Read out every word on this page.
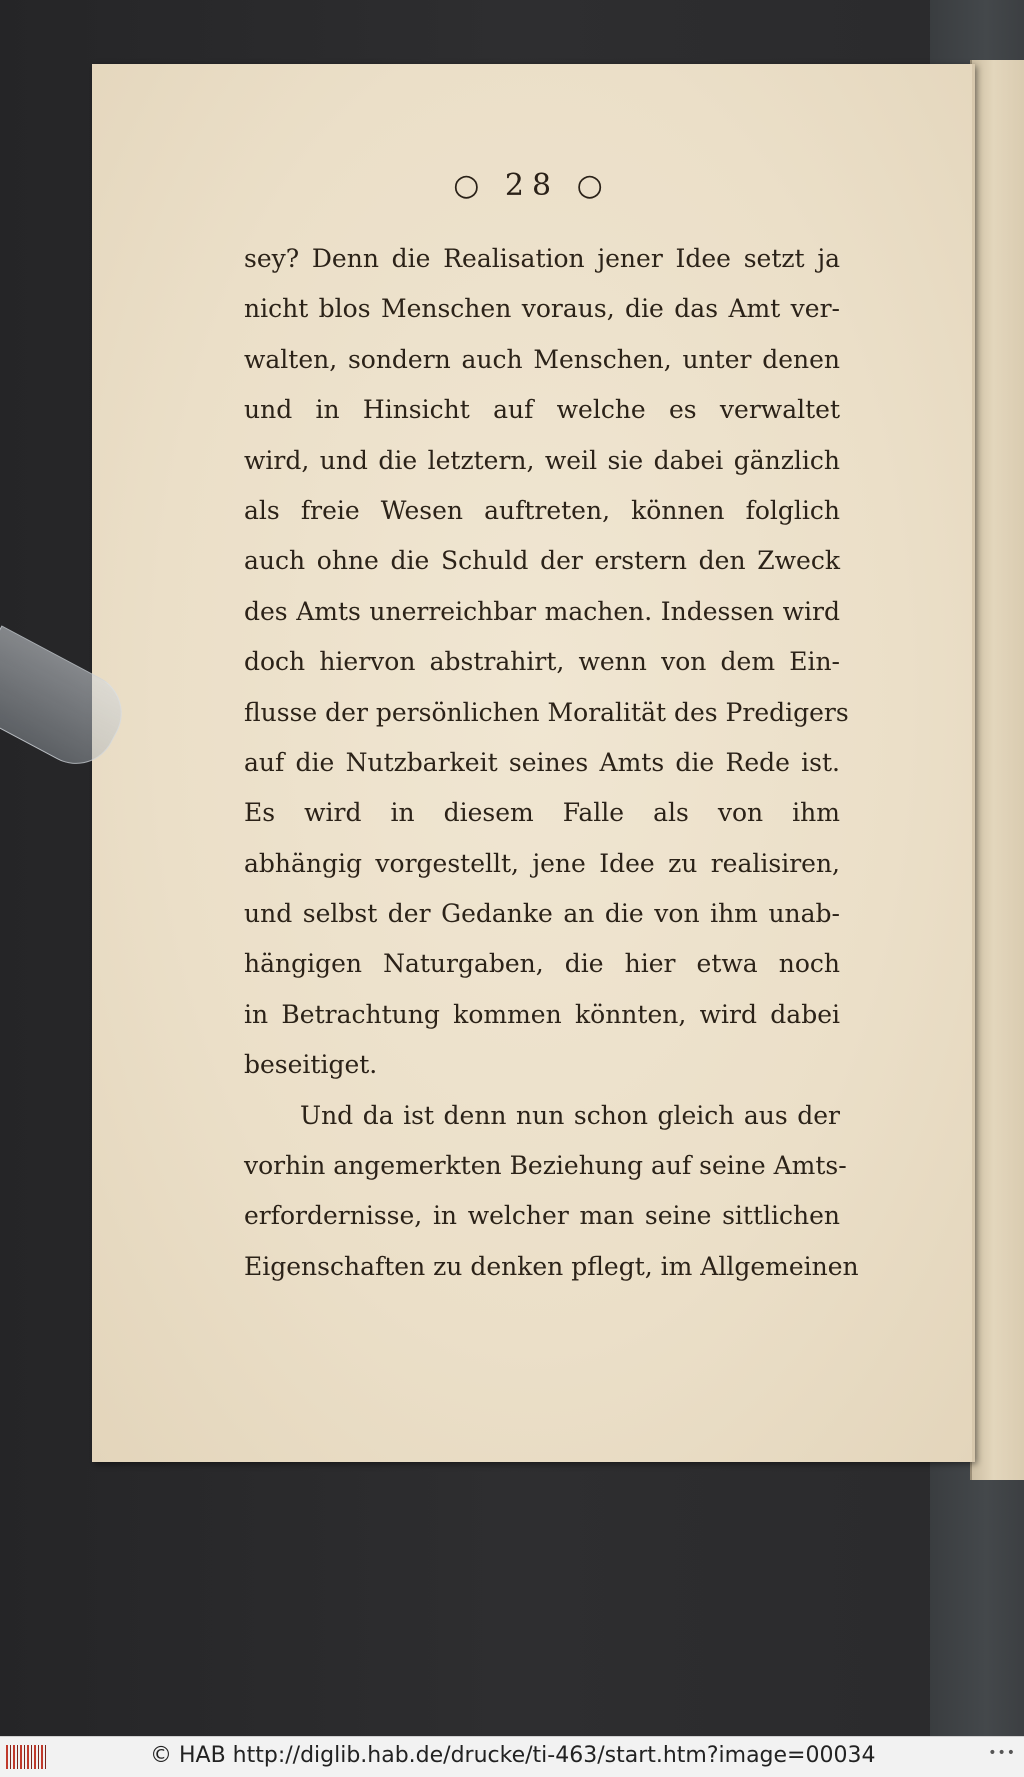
○ 28 ○
sey? Denn die Realisation jener Idee setzt ja
nicht blos Menschen voraus, die das Amt ver-
walten, sondern auch Menschen, unter denen
und in Hinsicht auf welche es verwaltet
wird, und die letztern, weil sie dabei gänzlich
als freie Wesen auftreten, können folglich
auch ohne die Schuld der erstern den Zweck
des Amts unerreichbar machen. Indessen wird
doch hiervon abstrahirt, wenn von dem Ein-
flusse der persönlichen Moralität des Predigers
auf die Nutzbarkeit seines Amts die Rede ist.
Es wird in diesem Falle als von ihm
abhängig vorgestellt, jene Idee zu realisiren,
und selbst der Gedanke an die von ihm unab-
hängigen Naturgaben, die hier etwa noch
in Betrachtung kommen könnten, wird dabei
beseitiget.
Und da ist denn nun schon gleich aus der
vorhin angemerkten Beziehung auf seine Amts-
erfordernisse, in welcher man seine sittlichen
Eigenschaften zu denken pflegt, im Allgemeinen
© HAB http://diglib.hab.de/drucke/ti-463/start.htm?image=00034	•••
